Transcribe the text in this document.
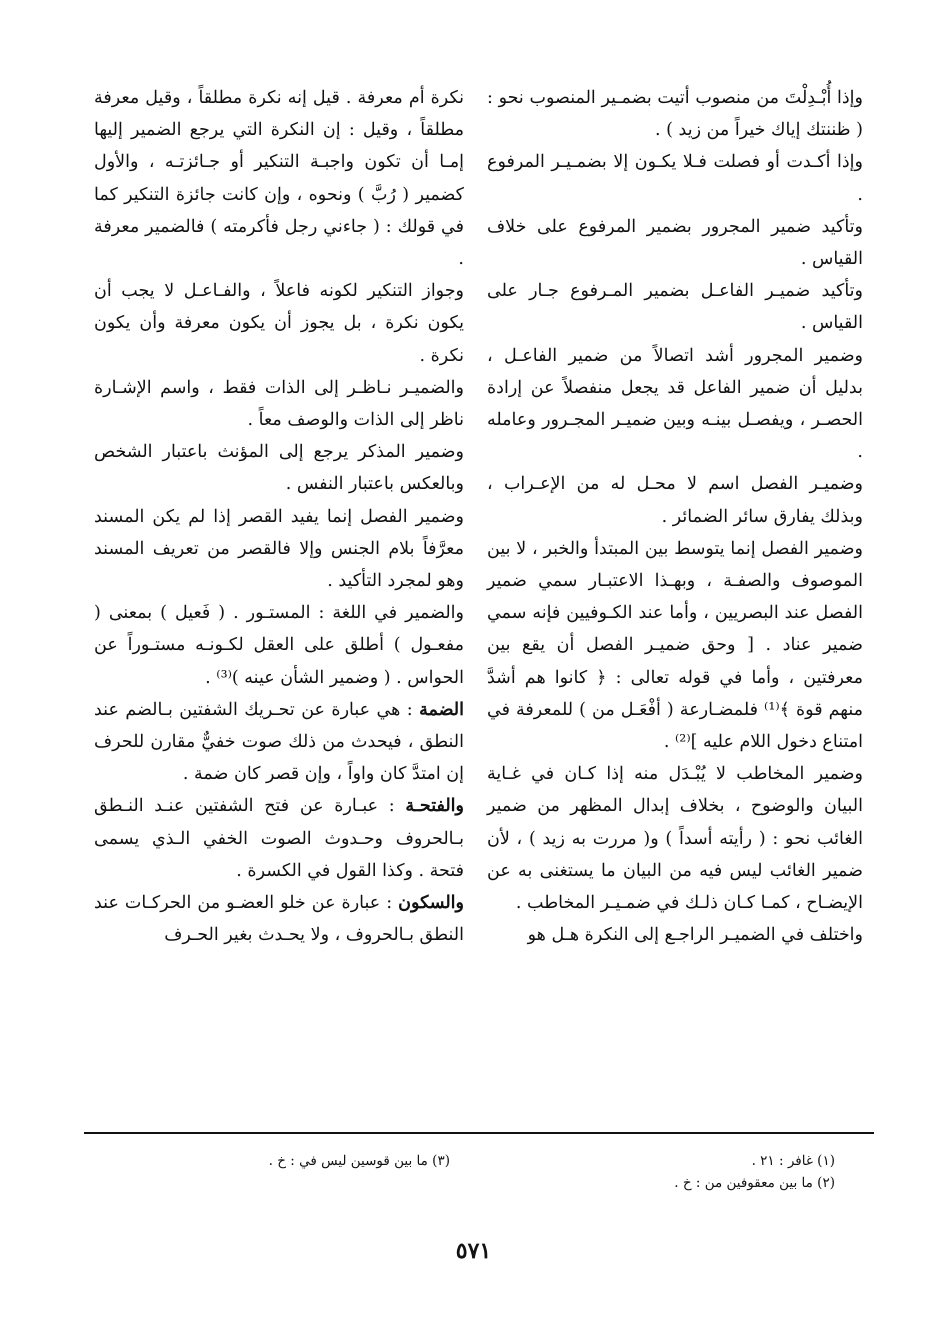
وإذا أُبْـدِلْتَ من منصوب أتيت بضمـير المنصوب نحو : ( ظننتك إياك خيراً من زيد ) .

وإذا أكـدت أو فصلت فـلا يكـون إلا بضمـيـر المرفوع .

وتأكيد ضمير المجرور بضمير المرفوع على خلاف القياس .

وتأكيد ضميـر الفاعـل بضمير المـرفوع جـار على القياس .

وضمير المجرور أشد اتصالاً من ضمير الفاعـل ، بدليل أن ضمير الفاعل قد يجعل منفصلاً عن إرادة الحصـر ، ويفصـل بينـه وبين ضميـر المجـرور وعامله .

وضميـر الفصل اسم لا محـل له من الإعـراب ، وبذلك يفارق سائر الضمائر .

وضمير الفصل إنما يتوسط بين المبتدأ والخبر ، لا بين الموصوف والصفـة ، وبهـذا الاعتبـار سمي ضمير الفصل عند البصريين ، وأما عند الكـوفيين فإنه سمي ضمير عناد . [ وحق ضميـر الفصل أن يقع بين معرفتين ، وأما في قوله تعالى : ﴿ كانوا هم أشدَّ منهم قوة ﴾⁽¹⁾ فلمضـارعة ( أفْعَـل من ) للمعرفة في امتناع دخول اللام عليه ]⁽²⁾ .

وضمير المخاطب لا يُبْـدَل منه إذا كـان في غـاية البيان والوضوح ، بخلاف إبدال المظهر من ضمير الغائب نحو : ( رأيته أسداً ) و( مررت به زيد ) ، لأن ضمير الغائب ليس فيه من البيان ما يستغنى به عن الإيضـاح ، كمـا كـان ذلـك في ضمـيـر المخاطب .

واختلف في الضميـر الراجـع إلى النكرة هـل هو

نكرة أم معرفة . قيل إنه نكرة مطلقاً ، وقيل معرفة مطلقاً ، وقيل : إن النكرة التي يرجع الضمير إليها إمـا أن تكون واجبـة التنكير أو جـائزتـه ، والأول كضمير ( رُبَّ ) ونحوه ، وإن كانت جائزة التنكير كما في قولك : ( جاءني رجل فأكرمته ) فالضمير معرفة .

وجواز التنكير لكونه فاعلاً ، والفـاعـل لا يجب أن يكون نكرة ، بل يجوز أن يكون معرفة وأن يكون نكرة .

والضميـر نـاظـر إلى الذات فقط ، واسم الإشـارة ناظر إلى الذات والوصف معاً .

وضمير المذكر يرجع إلى المؤنث باعتبار الشخص وبالعكس باعتبار النفس .

وضمير الفصل إنما يفيد القصر إذا لم يكن المسند معرَّفاً بلام الجنس وإلا فالقصر من تعريف المسند وهو لمجرد التأكيد .

والضمير في اللغة : المستـور . ( فَعيل ) بمعنى ( مفعـول ) أطلق على العقل لكـونـه مستـوراً عن الحواس . ( وضمير الشأن عينه )⁽³⁾ .

الضمة : هي عبارة عن تحـريك الشفتين بـالضم عند النطق ، فيحدث من ذلك صوت خفيٌّ مقارن للحرف إن امتدَّ كان واواً ، وإن قصر كان ضمة .

والفتحـة : عبـارة عن فتح الشفتين عنـد النـطق بـالحروف وحـدوث الصوت الخفي الـذي يسمى فتحة . وكذا القول في الكسرة .

والسكون : عبارة عن خلو العضـو من الحركـات عند النطق بـالحروف ، ولا يحـدث بغير الحـرف

(١) غافر : ٢١ .
(٢) ما بين معقوفين من : خ .
(٣) ما بين قوسين ليس في : خ .
٥٧١
